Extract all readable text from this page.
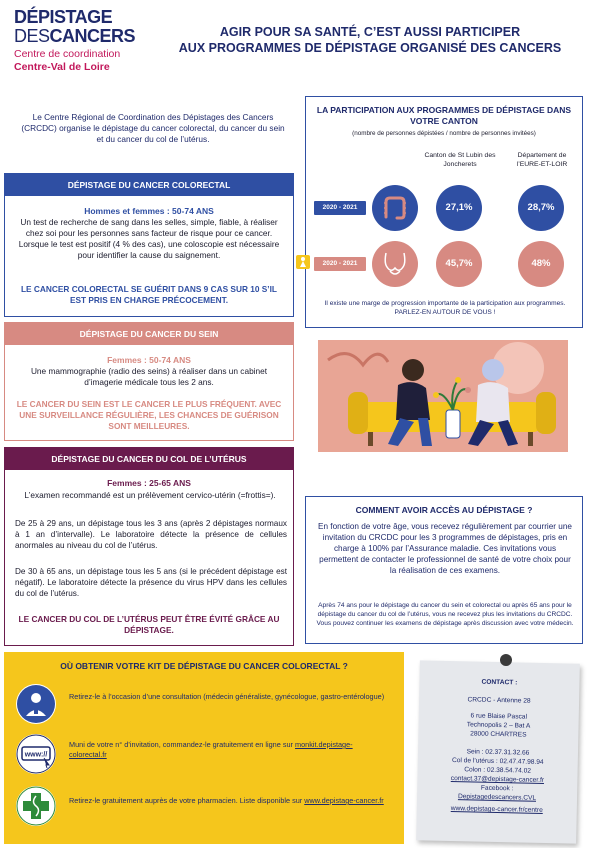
DÉPISTAGE
DESCANCERS
Centre de coordination
Centre-Val de Loire
AGIR POUR SA SANTÉ, C’EST AUSSI PARTICIPER
AUX PROGRAMMES DE DÉPISTAGE ORGANISÉ DES CANCERS
Le Centre Régional de Coordination des Dépistages des Cancers (CRCDC) organise le dépistage du cancer colorectal, du cancer du sein et du cancer du col de l’utérus.
DÉPISTAGE DU CANCER COLORECTAL
Hommes et femmes : 50-74 ANS
Un test de recherche de sang dans les selles, simple, fiable, à réaliser chez soi pour les personnes sans facteur de risque pour ce cancer. Lorsque le test est positif (4 % des cas), une coloscopie est nécessaire pour identifier la cause du saignement.
LE CANCER COLORECTAL SE GUÉRIT DANS 9 CAS SUR 10 S’IL EST PRIS EN CHARGE PRÉCOCEMENT.
DÉPISTAGE DU CANCER DU SEIN
Femmes : 50-74 ANS
Une mammographie (radio des seins) à réaliser dans un cabinet d’imagerie médicale tous les 2 ans.
LE CANCER DU SEIN EST LE CANCER LE PLUS FRÉQUENT. AVEC UNE SURVEILLANCE RÉGULIÈRE, LES CHANCES DE GUÉRISON SONT MEILLEURES.
DÉPISTAGE DU CANCER DU COL DE L’UTÉRUS
Femmes : 25-65 ANS
L’examen recommandé est un prélèvement cervico-utérin (=frottis=).
De 25 à 29 ans, un dépistage tous les 3 ans (après 2 dépistages normaux à 1 an d’intervalle). Le laboratoire détecte la présence de cellules anormales au niveau du col de l’utérus.
De 30 à 65 ans, un dépistage tous les 5 ans (si le précédent dépistage est négatif). Le laboratoire détecte la présence du virus HPV dans les cellules du col de l’utérus.
LE CANCER DU COL DE L’UTÉRUS PEUT ÊTRE ÉVITÉ GRÂCE AU DÉPISTAGE.
LA PARTICIPATION AUX PROGRAMMES DE DÉPISTAGE DANS VOTRE CANTON
(nombre de personnes dépistées / nombre de personnes invitées)
Canton de St Lubin des Joncherets
Département de l’EURE-ET-LOIR
2020 - 2021
2020 - 2021
27,1%	28,7%
45,7%	48%
Il existe une marge de progression importante de la participation aux programmes. PARLEZ-EN AUTOUR DE VOUS !
COMMENT AVOIR ACCÈS AU DÉPISTAGE ?
En fonction de votre âge, vous recevez régulièrement par courrier une invitation du CRCDC pour les 3 programmes de dépistages, pris en charge à 100% par l’Assurance maladie. Ces invitations vous permettent de contacter le professionnel de santé de votre choix pour la réalisation de ces examens.
Après 74 ans pour le dépistage du cancer du sein et colorectal ou après 65 ans pour le dépistage du cancer du col de l’utérus, vous ne recevez plus les invitations du CRCDC. Vous pouvez continuer les examens de dépistage après discussion avec votre médecin.
OÙ OBTENIR VOTRE KIT DE DÉPISTAGE DU CANCER COLORECTAL ?
Retirez-le à l’occasion d’une consultation (médecin généraliste, gynécologue, gastro-entérologue)
www://
Muni de votre n° d’invitation, commandez-le gratuitement en ligne sur monkit.depistage-colorectal.fr
Retirez-le gratuitement auprès de votre pharmacien. Liste disponible sur www.depistage-cancer.fr
CONTACT :
CRCDC - Antenne 28
6 rue Blaise Pascal
Technopolis 2 – Bat A
28000 CHARTRES
Sein : 02.37.31.32.66
Col de l’utérus : 02.47.47.98.94
Colon : 02.38.54.74.02
contact.37@depistage-cancer.fr
Facebook :
Depistagedescancers.CVL
www.depistage-cancer.fr/centre
